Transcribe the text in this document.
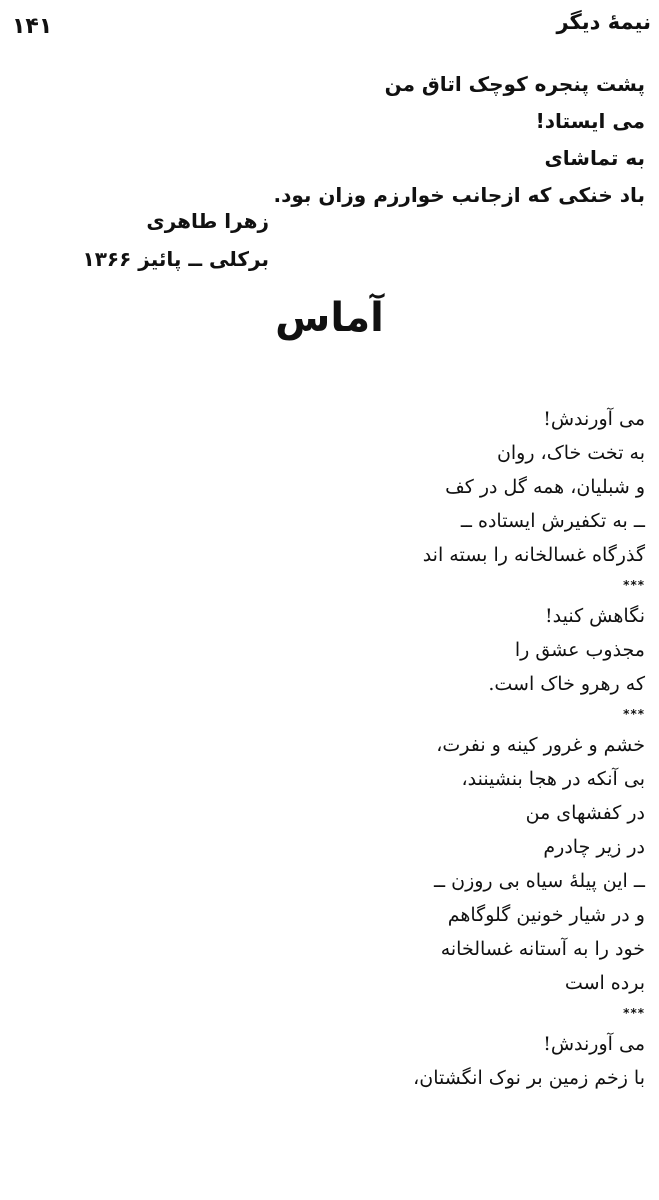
۱۴۱	نیمهٔ دیگر
پشت پنجره کوچک اتاق من
می ایستاد!
به تماشای
باد خنکی که ازجانب خوارزم وزان بود.
زهرا طاهری
برکلی ــ پائیز ۱۳۶۶
آماس
می آورندش!
به تخت خاک، روان
و شبلیان، همه گل در کف
ــ به تکفیرش ایستاده ــ
گذرگاه غسالخانه را بسته اند
***
نگاهش کنید!
مجذوب عشق را
که رهرو خاک است.
***
خشم و غرور کینه و نفرت،
بی آنکه در هجا بنشینند،
در کفشهای من
در زیر چادرم
ــ این پیلهٔ سیاه بی روزن ــ
و در شیار خونین گلوگاهم
خود را به آستانه غسالخانه
برده است
***
می آورندش!
با زخم زمین بر نوک انگشتان،
